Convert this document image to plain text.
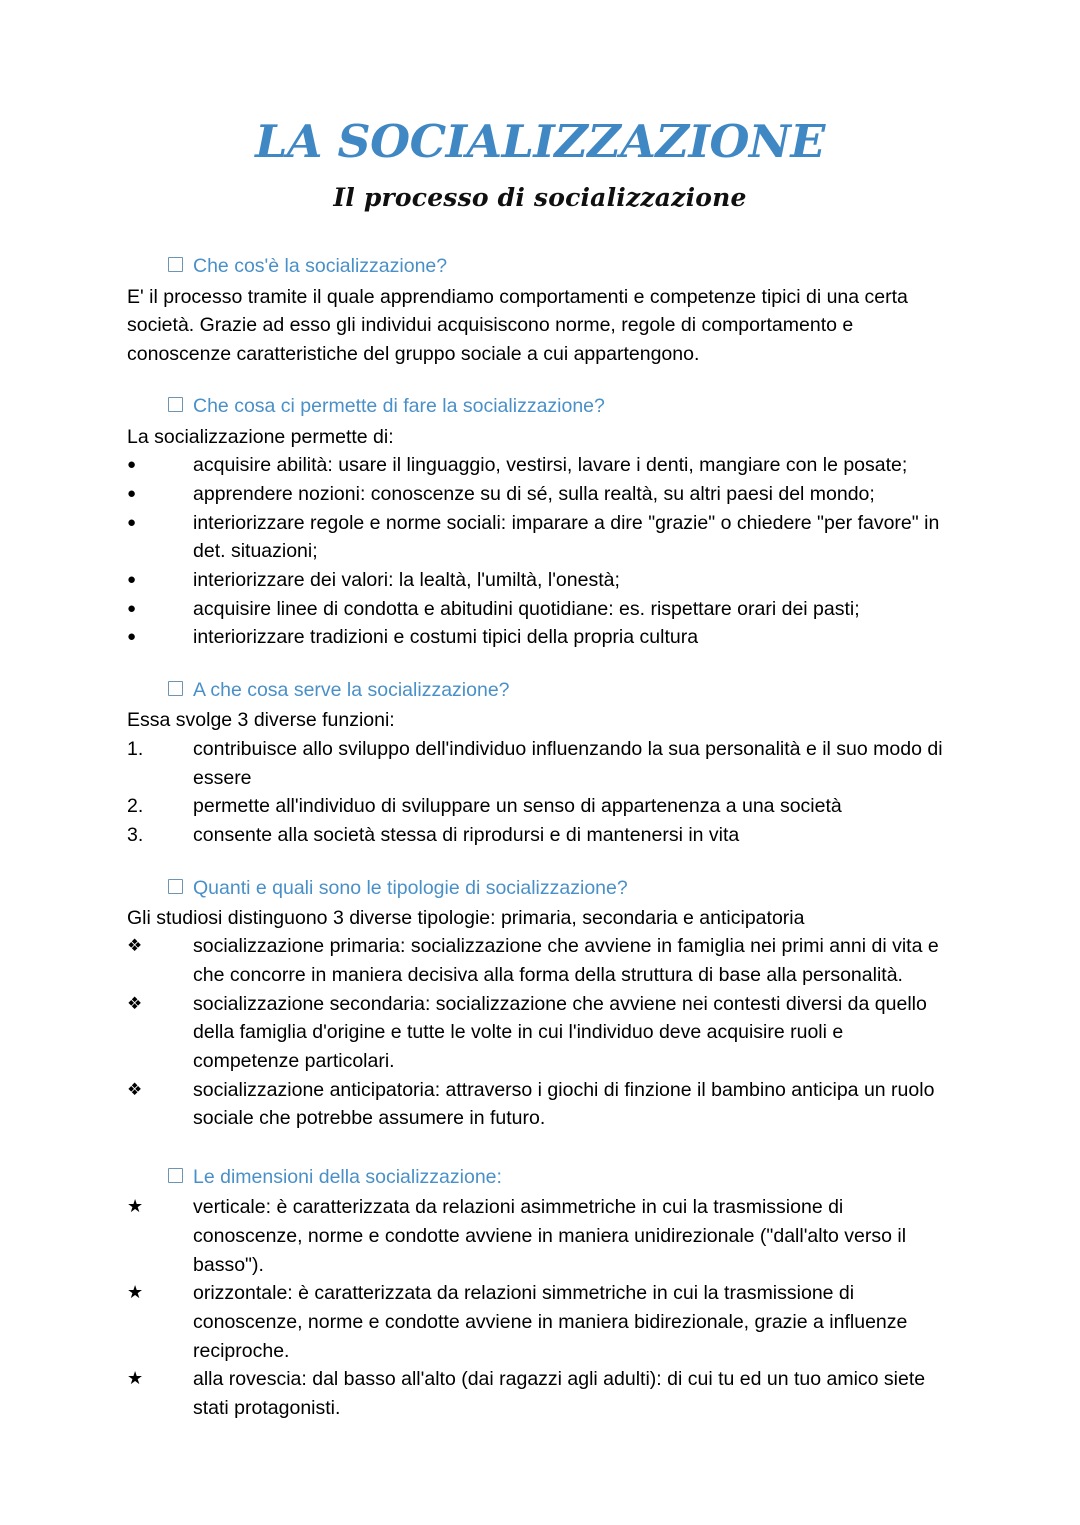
LA SOCIALIZZAZIONE
Il processo di socializzazione
Che cos'è la socializzazione?

E' il processo tramite il quale apprendiamo comportamenti e competenze tipici di una certa società. Grazie ad esso gli individui acquisiscono norme, regole di comportamento e conoscenze caratteristiche del gruppo sociale a cui appartengono.

Che cosa ci permette di fare la socializzazione?

La socializzazione permette di:

●	acquisire abilità: usare il linguaggio, vestirsi, lavare i denti, mangiare con le posate;
●	apprendere nozioni: conoscenze su di sé, sulla realtà, su altri paesi del mondo;
●	interiorizzare regole e norme sociali: imparare a dire "grazie" o chiedere "per favore" in det. situazioni;
●	interiorizzare dei valori: la lealtà, l'umiltà, l'onestà;
●	acquisire linee di condotta e abitudini quotidiane: es. rispettare orari dei pasti;
●	interiorizzare tradizioni e costumi tipici della propria cultura
A che cosa serve la socializzazione?

Essa svolge 3 diverse funzioni:

1.	contribuisce allo sviluppo dell'individuo influenzando la sua personalità e il suo modo di essere
2.	permette all'individuo di sviluppare un senso di appartenenza a una società
3.	consente alla società stessa di riprodursi e di mantenersi in vita
Quanti e quali sono le tipologie di socializzazione?

Gli studiosi distinguono 3 diverse tipologie: primaria, secondaria e anticipatoria

❖	socializzazione primaria: socializzazione che avviene in famiglia nei primi anni di vita e che concorre in maniera decisiva alla forma della struttura di base alla personalità.
❖	socializzazione secondaria: socializzazione che avviene nei contesti diversi da quello della famiglia d'origine e tutte le volte in cui l'individuo deve acquisire ruoli e competenze particolari.
❖	socializzazione anticipatoria: attraverso i giochi di finzione il bambino anticipa un ruolo sociale che potrebbe assumere in futuro.
Le dimensioni della socializzazione:
★	verticale: è caratterizzata da relazioni asimmetriche in cui la trasmissione di conoscenze, norme e condotte avviene in maniera unidirezionale ("dall'alto verso il basso").
★	orizzontale: è caratterizzata da relazioni simmetriche in cui la trasmissione di conoscenze, norme e condotte avviene in maniera bidirezionale, grazie a influenze reciproche.
★	alla rovescia: dal basso all'alto (dai ragazzi agli adulti): di cui tu ed un tuo amico siete stati protagonisti.
